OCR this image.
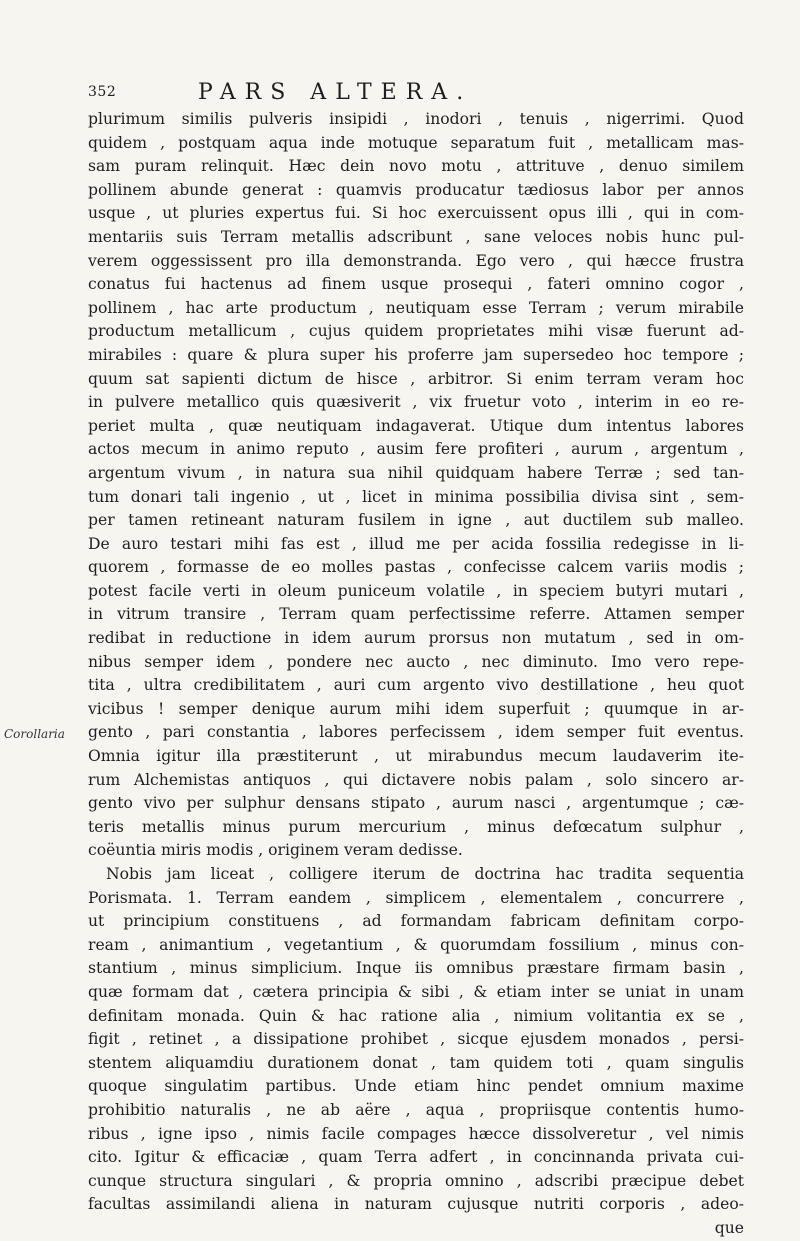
352	PARS ALTERA.
Corollaria
plurimum similis pulveris insipidi , inodori , tenuis , nigerrimi. Quod
quidem , postquam aqua inde motuque separatum fuit , metallicam mas-
sam puram relinquit. Hæc dein novo motu , attrituve , denuo similem
pollinem abunde generat : quamvis producatur tædiosus labor per annos
usque , ut pluries expertus fui. Si hoc exercuissent opus illi , qui in com-
mentariis suis Terram metallis adscribunt , sane veloces nobis hunc pul-
verem oggessissent pro illa demonstranda. Ego vero , qui hæcce frustra
conatus fui hactenus ad finem usque prosequi , fateri omnino cogor ,
pollinem , hac arte productum , neutiquam esse Terram ; verum mirabile
productum metallicum , cujus quidem proprietates mihi visæ fuerunt ad-
mirabiles : quare & plura super his proferre jam supersedeo hoc tempore ;
quum sat sapienti dictum de hisce , arbitror. Si enim terram veram hoc
in pulvere metallico quis quæsiverit , vix fruetur voto , interim in eo re-
periet multa , quæ neutiquam indagaverat. Utique dum intentus labores
actos mecum in animo reputo , ausim fere profiteri , aurum , argentum ,
argentum vivum , in natura sua nihil quidquam habere Terræ ; sed tan-
tum donari tali ingenio , ut , licet in minima possibilia divisa sint , sem-
per tamen retineant naturam fusilem in igne , aut ductilem sub malleo.
De auro testari mihi fas est , illud me per acida fossilia redegisse in li-
quorem , formasse de eo molles pastas , confecisse calcem variis modis ;
potest facile verti in oleum puniceum volatile , in speciem butyri mutari ,
in vitrum transire , Terram quam perfectissime referre. Attamen semper
redibat in reductione in idem aurum prorsus non mutatum , sed in om-
nibus semper idem , pondere nec aucto , nec diminuto. Imo vero repe-
tita , ultra credibilitatem , auri cum argento vivo destillatione , heu quot
vicibus ! semper denique aurum mihi idem superfuit ; quumque in ar-
gento , pari constantia , labores perfecissem , idem semper fuit eventus.
Omnia igitur illa præstiterunt , ut mirabundus mecum laudaverim ite-
rum Alchemistas antiquos , qui dictavere nobis palam , solo sincero ar-
gento vivo per sulphur densans stipato , aurum nasci , argentumque ; cæ-
teris metallis minus purum mercurium , minus defœcatum sulphur ,
coëuntia miris modis , originem veram dedisse.
Nobis jam liceat , colligere iterum de doctrina hac tradita sequentia
Porismata. 1. Terram eandem , simplicem , elementalem , concurrere ,
ut principium constituens , ad formandam fabricam definitam corpo-
ream , animantium , vegetantium , & quorumdam fossilium , minus con-
stantium , minus simplicium. Inque iis omnibus præstare firmam basin ,
quæ formam dat , cætera principia & sibi , & etiam inter se uniat in unam
definitam monada. Quin & hac ratione alia , nimium volitantia ex se ,
figit , retinet , a dissipatione prohibet , sicque ejusdem monados , persi-
stentem aliquamdiu durationem donat , tam quidem toti , quam singulis
quoque singulatim partibus. Unde etiam hinc pendet omnium maxime
prohibitio naturalis , ne ab aëre , aqua , propriisque contentis humo-
ribus , igne ipso , nimis facile compages hæcce dissolveretur , vel nimis
cito. Igitur & efficaciæ , quam Terra adfert , in concinnanda privata cui-
cunque structura singulari , & propria omnino , adscribi præcipue debet
facultas assimilandi aliena in naturam cujusque nutriti corporis , adeo-
que
